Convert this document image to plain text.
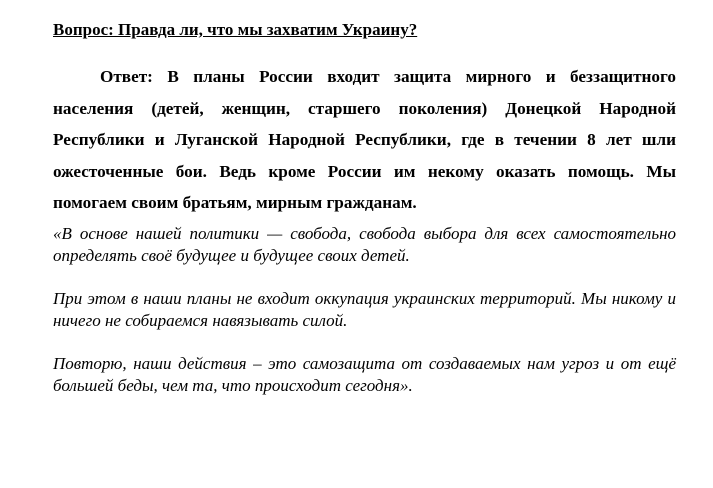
Вопрос: Правда ли, что мы захватим Украину?

Ответ: В планы России входит защита мирного и беззащитного населения (детей, женщин, старшего поколения) Донецкой Народной Республики и Луганской Народной Республики, где в течении 8 лет шли ожесточенные бои. Ведь кроме России им некому оказать помощь. Мы помогаем своим братьям, мирным гражданам.

«В основе нашей политики — свобода, свобода выбора для всех самостоятельно определять своё будущее и будущее своих детей.

При этом в наши планы не входит оккупация украинских территорий. Мы никому и ничего не собираемся навязывать силой.

Повторю, наши действия – это самозащита от создаваемых нам угроз и от ещё большей беды, чем та, что происходит сегодня».
